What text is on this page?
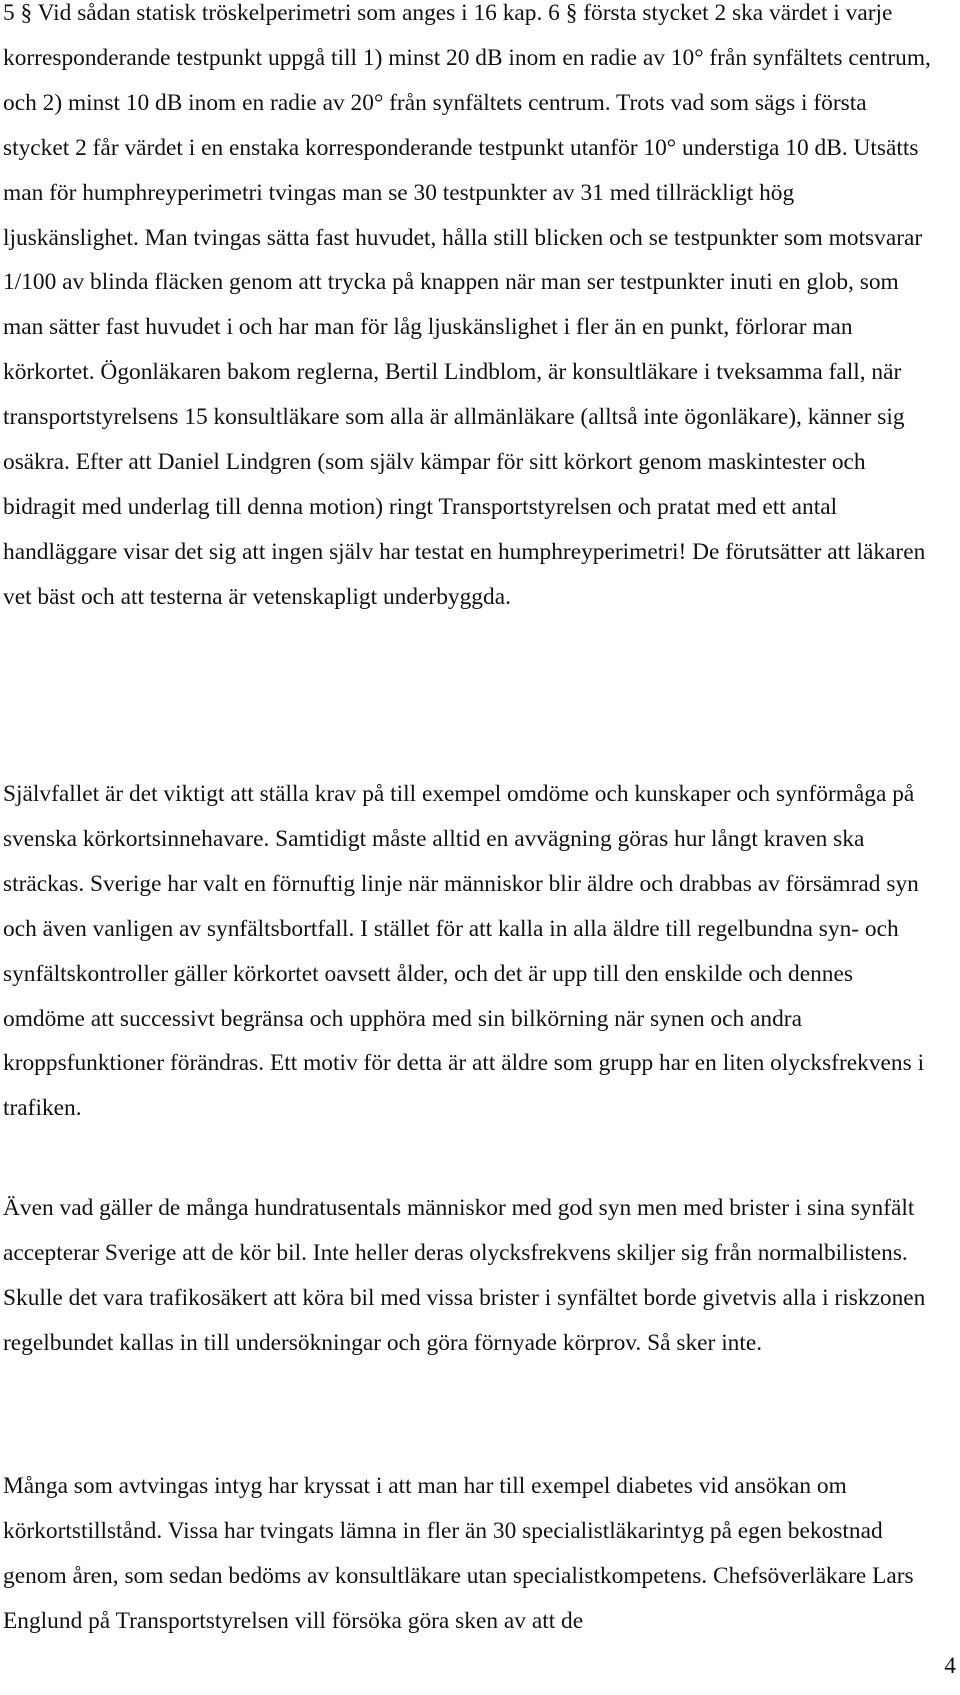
5 § Vid sådan statisk tröskelperimetri som anges i 16 kap. 6 § första stycket 2 ska värdet i varje korresponderande testpunkt uppgå till 1) minst 20 dB inom en radie av 10° från synfältets centrum, och 2) minst 10 dB inom en radie av 20° från synfältets centrum. Trots vad som sägs i första stycket 2 får värdet i en enstaka korresponderande testpunkt utanför 10° understiga 10 dB. Utsätts man för humphreyperimetri tvingas man se 30 testpunkter av 31 med tillräckligt hög ljuskänslighet. Man tvingas sätta fast huvudet, hålla still blicken och se testpunkter som motsvarar 1/100 av blinda fläcken genom att trycka på knappen när man ser testpunkter inuti en glob, som man sätter fast huvudet i och har man för låg ljuskänslighet i fler än en punkt, förlorar man körkortet. Ögonläkaren bakom reglerna, Bertil Lindblom, är konsultläkare i tveksamma fall, när transportstyrelsens 15 konsultläkare som alla är allmänläkare (alltså inte ögonläkare), känner sig osäkra. Efter att Daniel Lindgren (som själv kämpar för sitt körkort genom maskintester och bidragit med underlag till denna motion) ringt Transportstyrelsen och pratat med ett antal handläggare visar det sig att ingen själv har testat en humphreyperimetri! De förutsätter att läkaren vet bäst och att testerna är vetenskapligt underbyggda.

Självfallet är det viktigt att ställa krav på till exempel omdöme och kunskaper och synförmåga på svenska körkortsinnehavare. Samtidigt måste alltid en avvägning göras hur långt kraven ska sträckas. Sverige har valt en förnuftig linje när människor blir äldre och drabbas av försämrad syn och även vanligen av synfältsbortfall. I stället för att kalla in alla äldre till regelbundna syn- och synfältskontroller gäller körkortet oavsett ålder, och det är upp till den enskilde och dennes omdöme att successivt begränsa och upphöra med sin bilkörning när synen och andra kroppsfunktioner förändras. Ett motiv för detta är att äldre som grupp har en liten olycksfrekvens i trafiken.

Även vad gäller de många hundratusentals människor med god syn men med brister i sina synfält accepterar Sverige att de kör bil. Inte heller deras olycksfrekvens skiljer sig från normalbilistens. Skulle det vara trafikosäkert att köra bil med vissa brister i synfältet borde givetvis alla i riskzonen regelbundet kallas in till undersökningar och göra förnyade körprov. Så sker inte.

Många som avtvingas intyg har kryssat i att man har till exempel diabetes vid ansökan om körkortstillstånd. Vissa har tvingats lämna in fler än 30 specialistläkarintyg på egen bekostnad genom åren, som sedan bedöms av konsultläkare utan specialistkompetens. Chefsöverläkare Lars Englund på Transportstyrelsen vill försöka göra sken av att de

4
